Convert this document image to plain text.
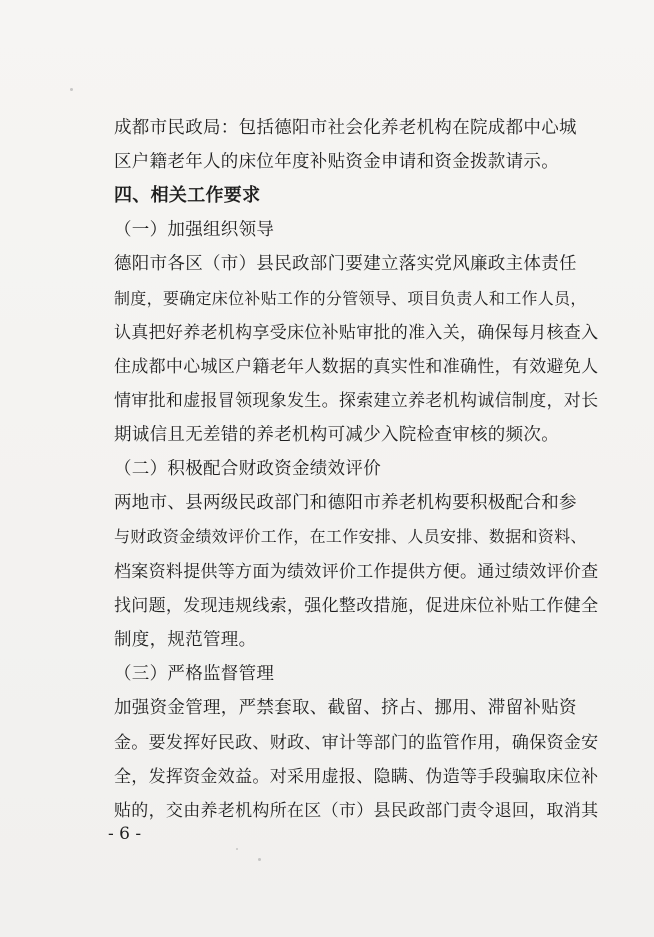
成都市民政局：包括德阳市社会化养老机构在院成都中心城
区户籍老年人的床位年度补贴资金申请和资金拨款请示。
四、相关工作要求
（一）加强组织领导
德阳市各区（市）县民政部门要建立落实党风廉政主体责任
制度，要确定床位补贴工作的分管领导、项目负责人和工作人员，
认真把好养老机构享受床位补贴审批的准入关，确保每月核查入
住成都中心城区户籍老年人数据的真实性和准确性，有效避免人
情审批和虚报冒领现象发生。探索建立养老机构诚信制度，对长
期诚信且无差错的养老机构可减少入院检查审核的频次。
（二）积极配合财政资金绩效评价
两地市、县两级民政部门和德阳市养老机构要积极配合和参
与财政资金绩效评价工作，在工作安排、人员安排、数据和资料、
档案资料提供等方面为绩效评价工作提供方便。通过绩效评价查
找问题，发现违规线索，强化整改措施，促进床位补贴工作健全
制度，规范管理。
（三）严格监督管理
加强资金管理，严禁套取、截留、挤占、挪用、滞留补贴资
金。要发挥好民政、财政、审计等部门的监管作用，确保资金安
全，发挥资金效益。对采用虚报、隐瞒、伪造等手段骗取床位补
贴的，交由养老机构所在区（市）县民政部门责令退回，取消其
- 6 -
